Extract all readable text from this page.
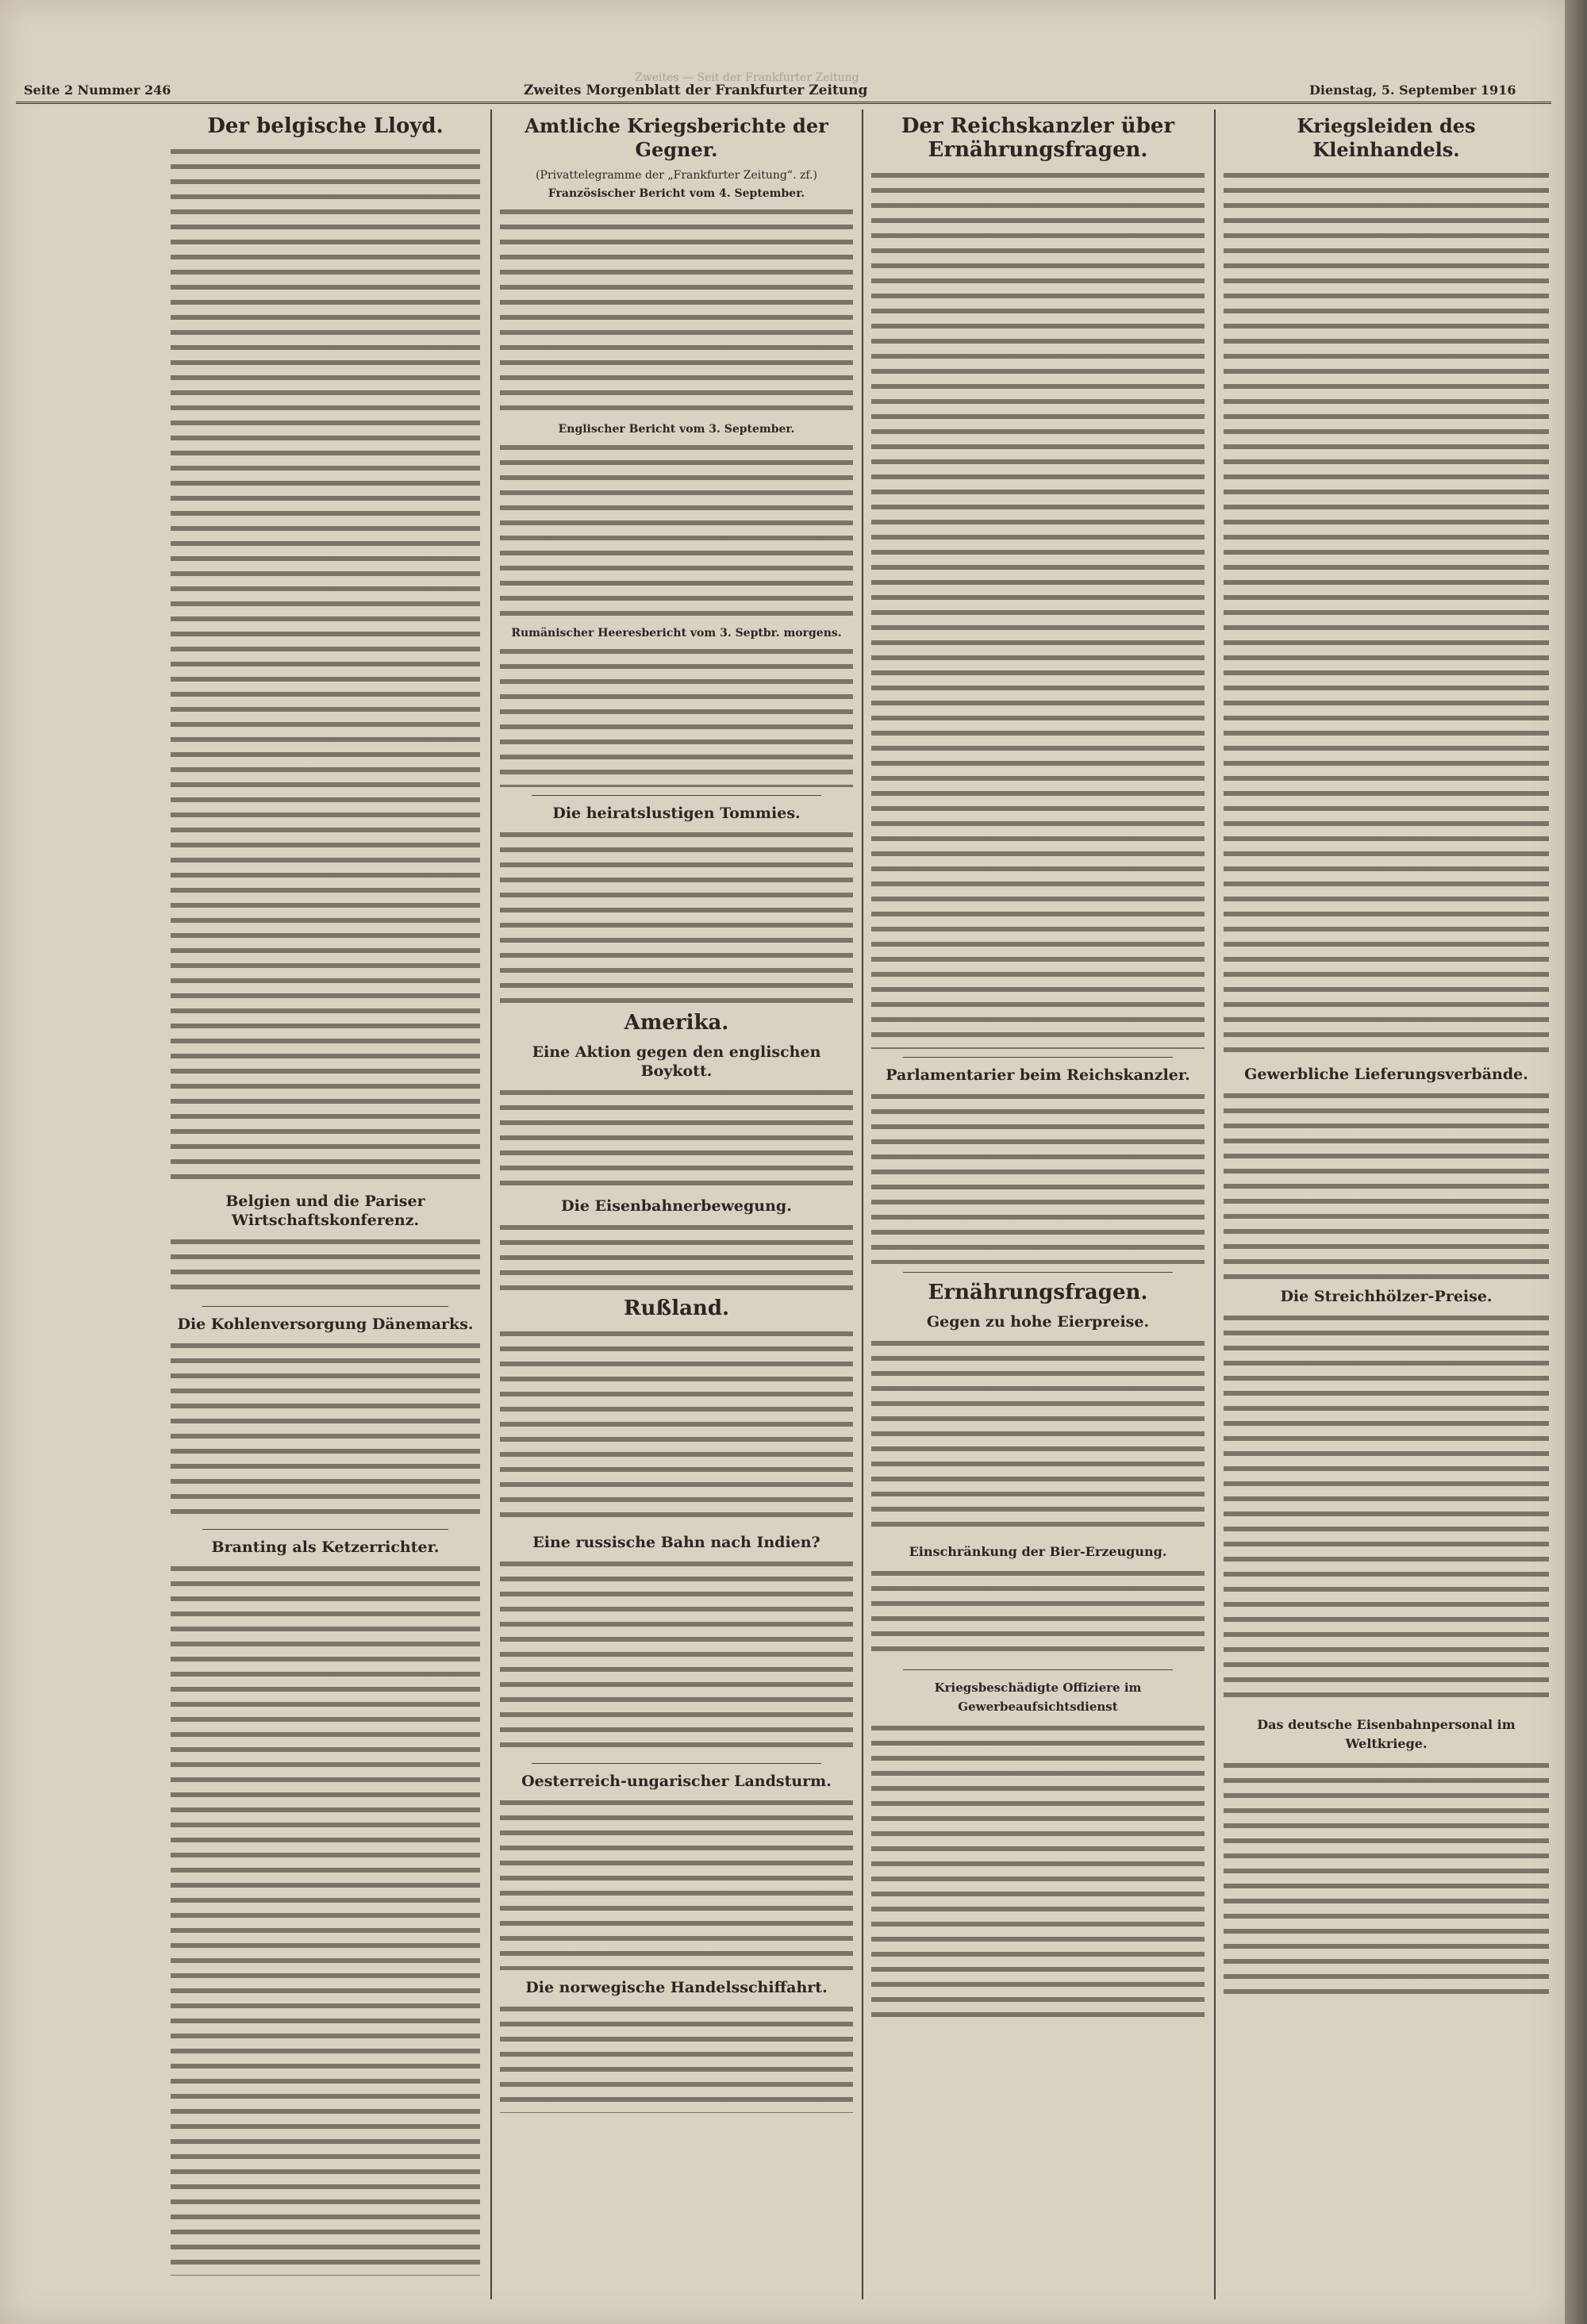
Zweites — Seit der Frankfurter Zeitung
Seite 2 Nummer 246	Zweites Morgenblatt der Frankfurter Zeitung	Dienstag, 5. September 1916
Der belgische Lloyd.
Belgien und die Pariser Wirtschaftskonferenz.
Die Kohlenversorgung Dänemarks.
Branting als Ketzerrichter.
Amtliche Kriegsberichte der Gegner.
(Privattelegramme der „Frankfurter Zeitung“. zf.)
Französischer Bericht vom 4. September.
Englischer Bericht vom 3. September.
Rumänischer Heeresbericht vom 3. Septbr. morgens.
Die heiratslustigen Tommies.
Amerika.
Eine Aktion gegen den englischen Boykott.
Die Eisenbahnerbewegung.
Rußland.
Eine russische Bahn nach Indien?
Oesterreich-ungarischer Landsturm.
Die norwegische Handelsschiffahrt.
Der Reichskanzler über Ernährungsfragen.
Parlamentarier beim Reichskanzler.
Ernährungsfragen.
Gegen zu hohe Eierpreise.
Einschränkung der Bier-Erzeugung.
Kriegsbeschädigte Offiziere im Gewerbeaufsichtsdienst
Kriegsleiden des Kleinhandels.
Gewerbliche Lieferungsverbände.
Die Streichhölzer-Preise.
Das deutsche Eisenbahnpersonal im Weltkriege.
